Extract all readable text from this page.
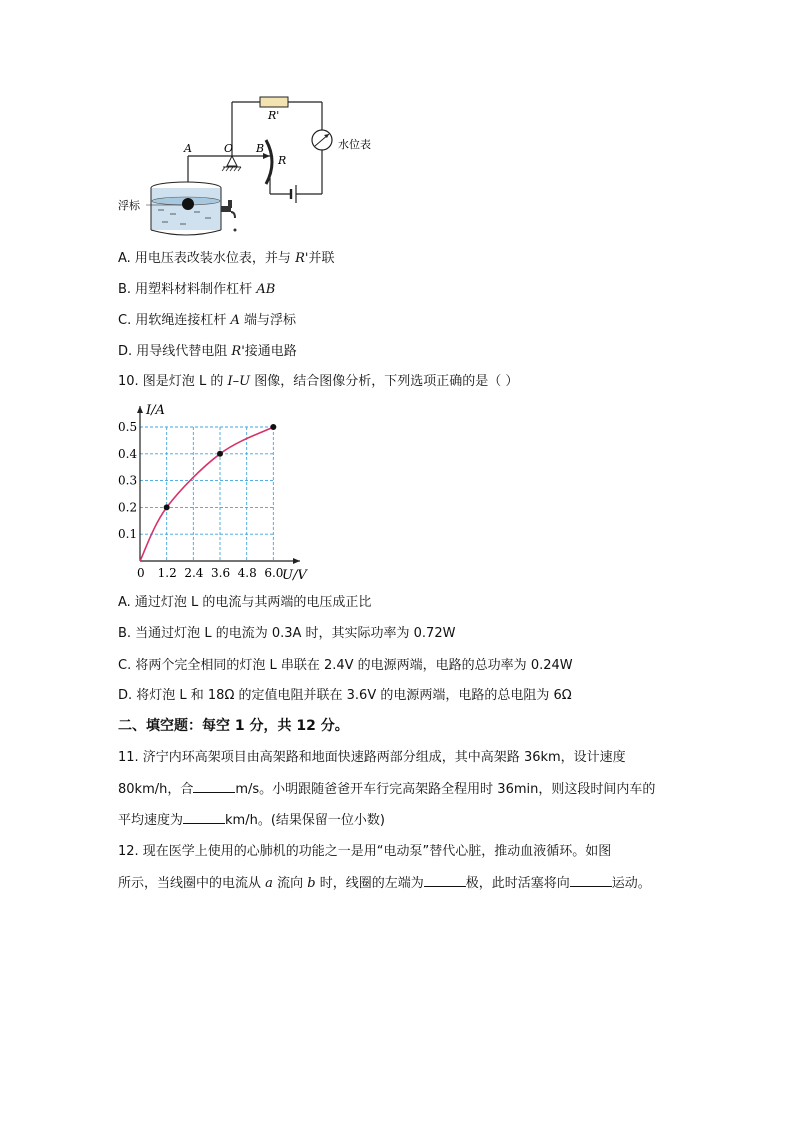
R'
水位表
A	O B
R
浮标
A. 用电压表改装水位表，并与 R'并联
B. 用塑料材料制作杠杆 AB
C. 用软绳连接杠杆 A 端与浮标
D. 用导线代替电阻 R'接通电路
10. 图是灯泡 L 的 I–U 图像，结合图像分析，下列选项正确的是（ ）
0 1.2 2.4 3.6 4.8 6.0
0.1
0.2
0.3
0.4
0.5
I/A
U/V
A. 通过灯泡 L 的电流与其两端的电压成正比
B. 当通过灯泡 L 的电流为 0.3A 时，其实际功率为 0.72W
C. 将两个完全相同的灯泡 L 串联在 2.4V 的电源两端，电路的总功率为 0.24W
D. 将灯泡 L 和 18Ω 的定值电阻并联在 3.6V 的电源两端，电路的总电阻为 6Ω
二、填空题：每空 1 分，共 12 分。
11. 济宁内环高架项目由高架路和地面快速路两部分组成，其中高架路 36km，设计速度
80km/h，合	m/s。小明跟随爸爸开车行完高架路全程用时 36min，则这段时间内车的
平均速度为	km/h。(结果保留一位小数)
12. 现在医学上使用的心肺机的功能之一是用“电动泵”替代心脏，推动血液循环。如图
所示，当线圈中的电流从 a 流向 b 时，线圈的左端为	极，此时活塞将向	运动。
